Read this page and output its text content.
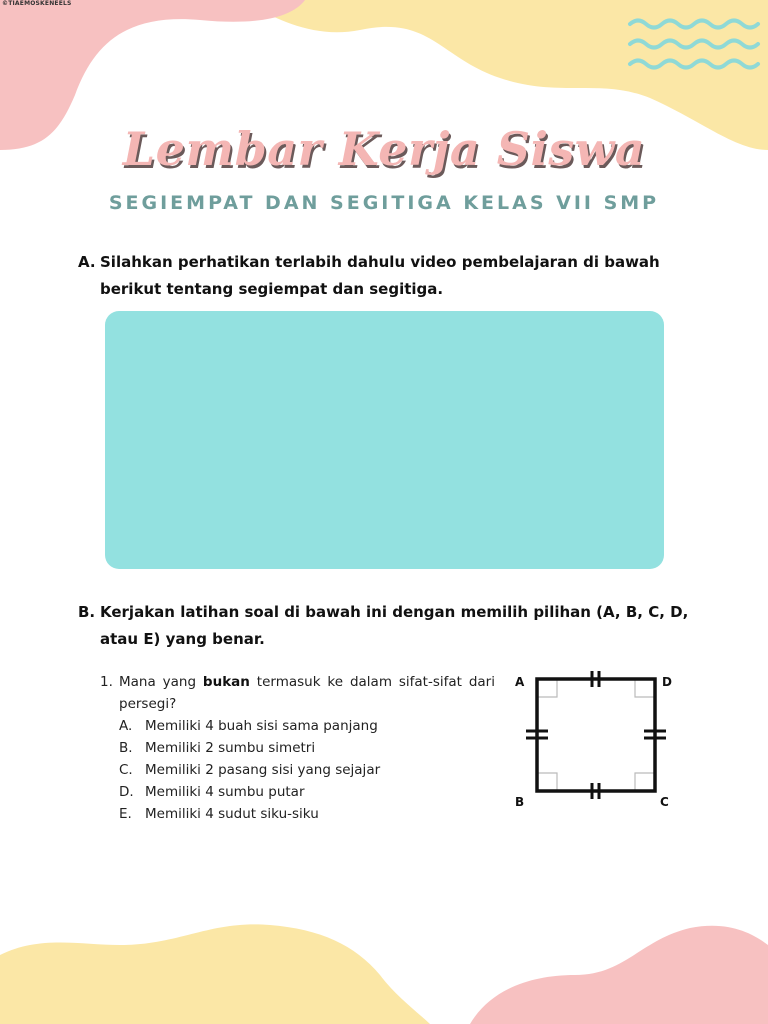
©TIAEMOSKENEELS
Lembar Kerja Siswa
SEGIEMPAT DAN SEGITIGA KELAS VII SMP
A. Silahkan perhatikan terlabih dahulu video pembelajaran di bawah berikut tentang segiempat dan segitiga.
B. Kerjakan latihan soal di bawah ini dengan memilih pilihan (A, B, C, D, atau E) yang benar.
1. Mana yang bukan termasuk ke dalam sifat-sifat dari persegi?
A. Memiliki 4 buah sisi sama panjang
B. Memiliki 2 sumbu simetri
C. Memiliki 2 pasang sisi yang sejajar
D. Memiliki 4 sumbu putar
E. Memiliki 4 sudut siku-siku
A	D
B	C
